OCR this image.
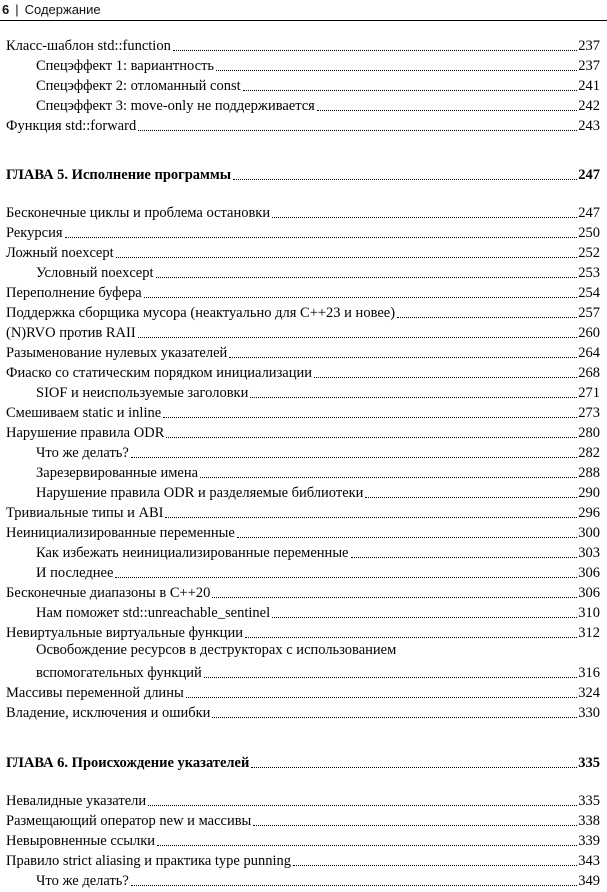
6 | Содержание
Класс-шаблон std::function	237
Спецэффект 1: вариантность	237
Спецэффект 2: отломанный const	241
Спецэффект 3: move-only не поддерживается	242
Функция std::forward	243
ГЛАВА 5. Исполнение программы	247
Бесконечные циклы и проблема остановки	247
Рекурсия	250
Ложный noexcept	252
Условный noexcept	253
Переполнение буфера	254
Поддержка сборщика мусора (неактуально для C++23 и новее)	257
(N)RVO против RAII	260
Разыменование нулевых указателей	264
Фиаско со статическим порядком инициализации	268
SIOF и неиспользуемые заголовки	271
Смешиваем static и inline	273
Нарушение правила ODR	280
Что же делать?	282
Зарезервированные имена	288
Нарушение правила ODR и разделяемые библиотеки	290
Тривиальные типы и ABI	296
Неинициализированные переменные	300
Как избежать неинициализированные переменные	303
И последнее	306
Бесконечные диапазоны в C++20	306
Нам поможет std::unreachable_sentinel	310
Невиртуальные виртуальные функции	312
Освобождение ресурсов в деструкторах с использованием
вспомогательных функций	316
Массивы переменной длины	324
Владение, исключения и ошибки	330
ГЛАВА 6. Происхождение указателей	335
Невалидные указатели	335
Размещающий оператор new и массивы	338
Невыровненные ссылки	339
Правило strict aliasing и практика type punning	343
Что же делать?	349
